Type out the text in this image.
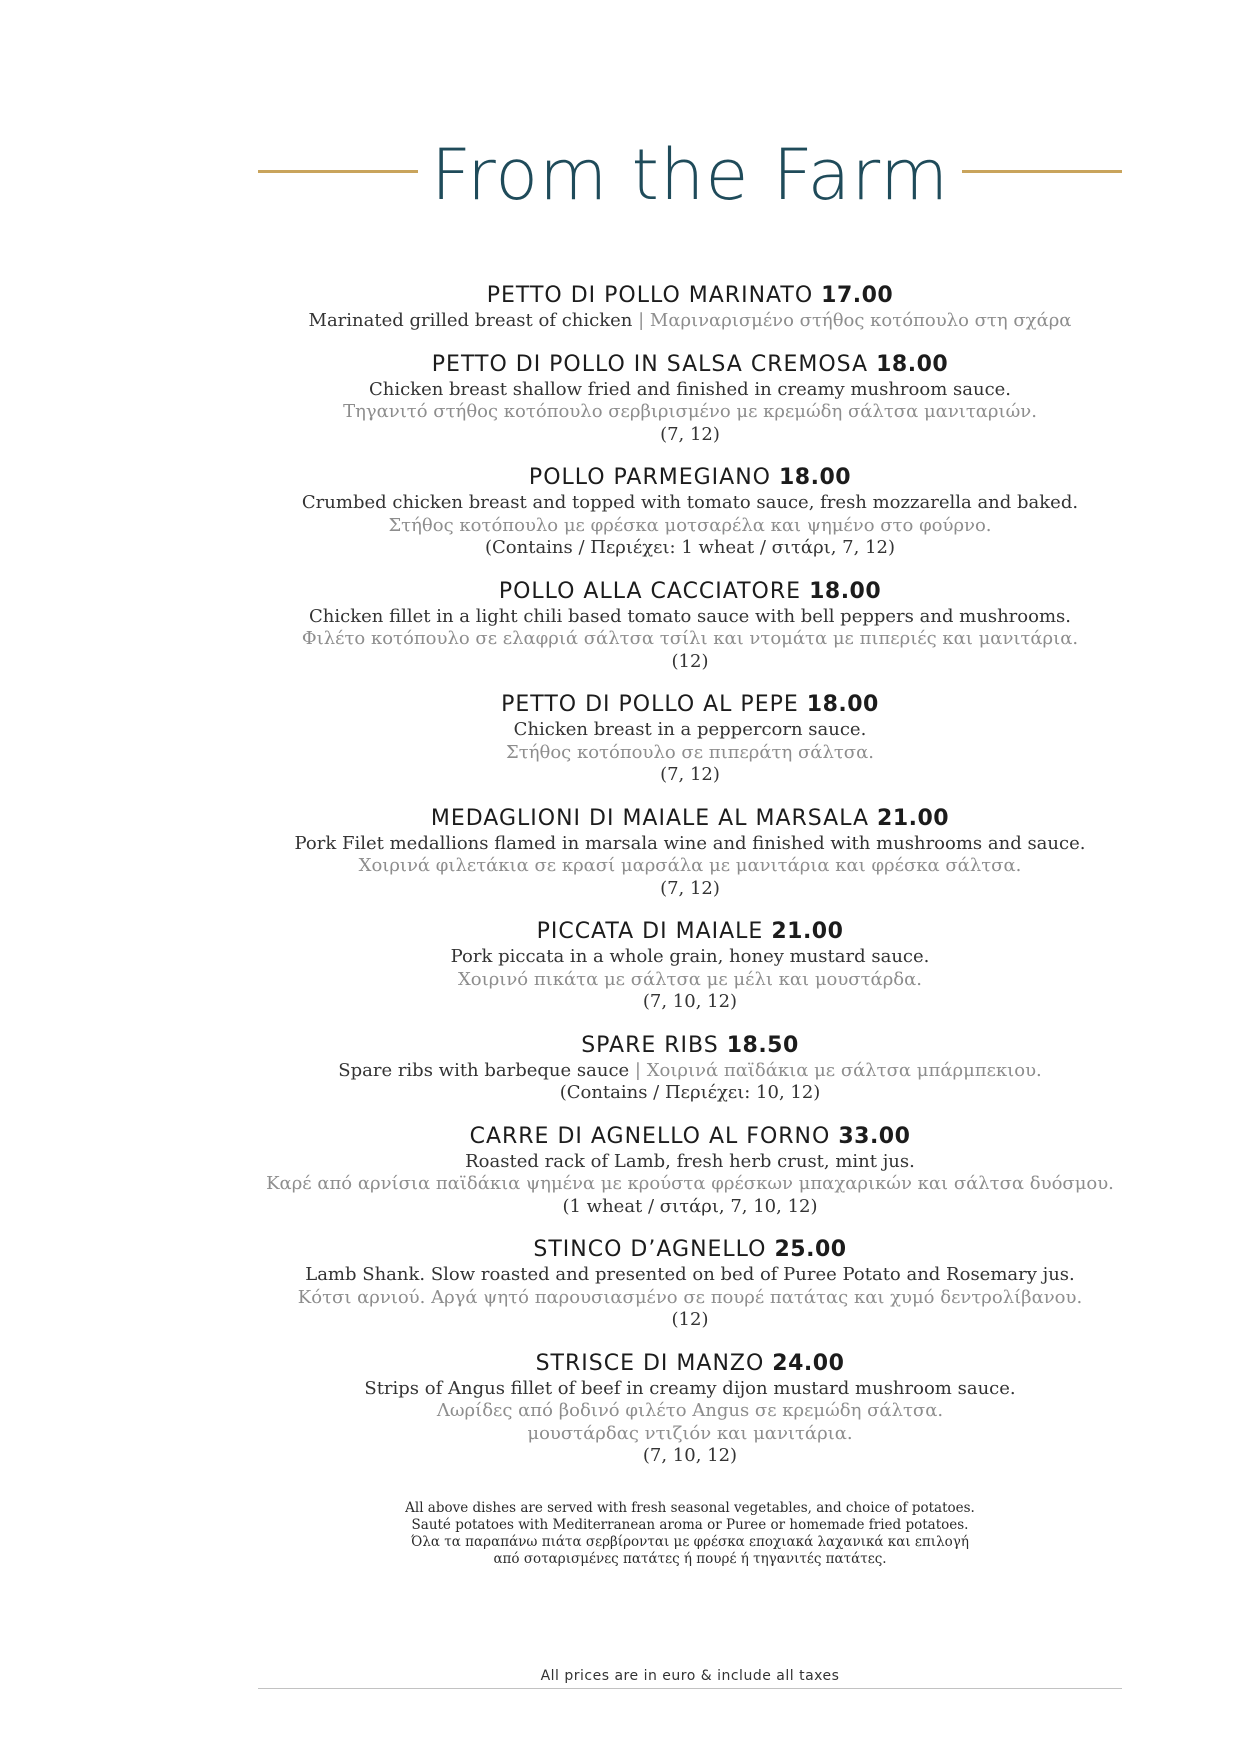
From the Farm
PETTO DI POLLO MARINATO 17.00
Marinated grilled breast of chicken | Μαριναρισμένο στήθος κοτόπουλο στη σχάρα
PETTO DI POLLO IN SALSA CREMOSA 18.00
Chicken breast shallow fried and finished in creamy mushroom sauce.
Τηγανιτό στήθος κοτόπουλο σερβιρισμένο με κρεμώδη σάλτσα μανιταριών.
(7, 12)
POLLO PARMEGIANO 18.00
Crumbed chicken breast and topped with tomato sauce, fresh mozzarella and baked.
Στήθος κοτόπουλο με φρέσκα μοτσαρέλα και ψημένο στο φούρνο.
(Contains / Περιέχει: 1 wheat / σιτάρι, 7, 12)
POLLO ALLA CACCIATORE 18.00
Chicken fillet in a light chili based tomato sauce with bell peppers and mushrooms.
Φιλέτο κοτόπουλο σε ελαφριά σάλτσα τσίλι και ντομάτα με πιπεριές και μανιτάρια.
(12)
PETTO DI POLLO AL PEPE 18.00
Chicken breast in a peppercorn sauce.
Στήθος κοτόπουλο σε πιπεράτη σάλτσα.
(7, 12)
MEDAGLIONI DI MAIALE AL MARSALA 21.00
Pork Filet medallions flamed in marsala wine and finished with mushrooms and sauce.
Χοιρινά φιλετάκια σε κρασί μαρσάλα με μανιτάρια και φρέσκα σάλτσα.
(7, 12)
PICCATA DI MAIALE 21.00
Pork piccata in a whole grain, honey mustard sauce.
Χοιρινό πικάτα με σάλτσα με μέλι και μουστάρδα.
(7, 10, 12)
SPARE RIBS 18.50
Spare ribs with barbeque sauce | Χοιρινά παϊδάκια με σάλτσα μπάρμπεκιου.
(Contains / Περιέχει: 10, 12)
CARRE DI AGNELLO AL FORNO 33.00
Roasted rack of Lamb, fresh herb crust, mint jus.
Καρέ από αρνίσια παϊδάκια ψημένα με κρούστα φρέσκων μπαχαρικών και σάλτσα δυόσμου.
(1 wheat / σιτάρι, 7, 10, 12)
STINCO D’AGNELLO 25.00
Lamb Shank. Slow roasted and presented on bed of Puree Potato and Rosemary jus.
Κότσι αρνιού. Αργά ψητό παρουσιασμένο σε πουρέ πατάτας και χυμό δεντρολίβανου.
(12)
STRISCE DI MANZO 24.00
Strips of Angus fillet of beef in creamy dijon mustard mushroom sauce.
Λωρίδες από βοδινό φιλέτο Angus σε κρεμώδη σάλτσα.
μουστάρδας ντιζιόν και μανιτάρια.
(7, 10, 12)
All above dishes are served with fresh seasonal vegetables, and choice of potatoes.
Sauté potatoes with Mediterranean aroma or Puree or homemade fried potatoes.
Όλα τα παραπάνω πιάτα σερβίρονται με φρέσκα εποχιακά λαχανικά και επιλογή
από σοταρισμένες πατάτες ή πουρέ ή τηγανιτές πατάτες.
All prices are in euro & include all taxes
